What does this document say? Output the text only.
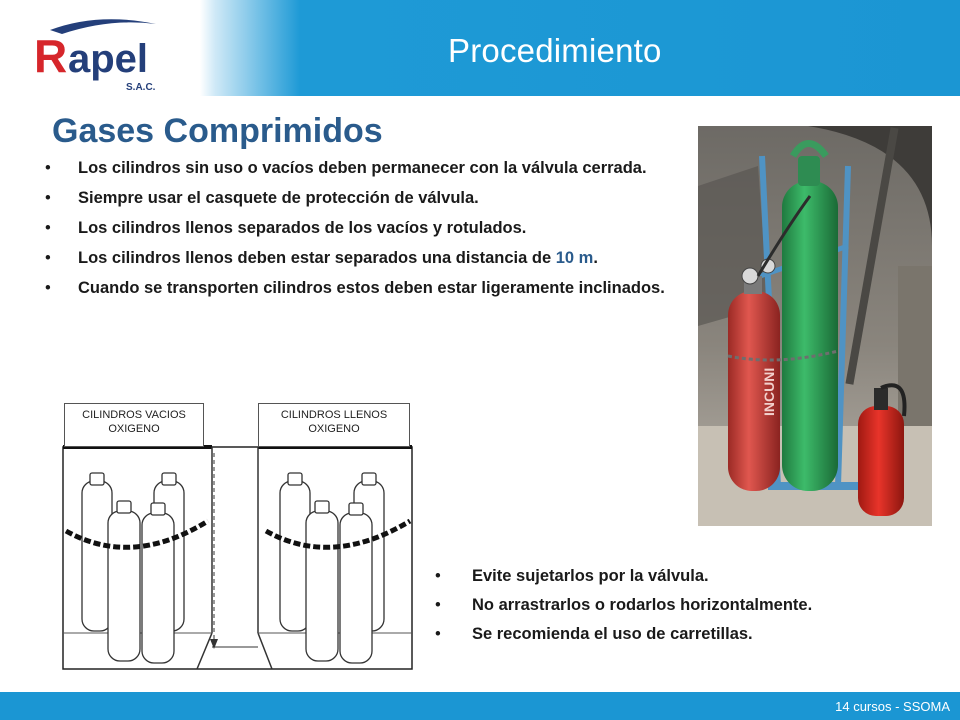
R apel
S.A.C.
Procedimiento
Gases Comprimidos
• Los cilindros sin uso o vacíos deben permanecer con la válvula cerrada.
• Siempre usar el casquete de protección de válvula.
• Los cilindros llenos separados de los vacíos y rotulados.
• Los cilindros llenos deben estar separados una distancia de 10 m.
• Cuando se transporten cilindros estos deben estar ligeramente inclinados.
INCUNI
CILINDROS VACIOS
OXIGENO
CILINDROS LLENOS
OXIGENO
• Evite sujetarlos por la válvula.
• No arrastrarlos o rodarlos horizontalmente.
• Se recomienda el uso de carretillas.
14 cursos - SSOMA
